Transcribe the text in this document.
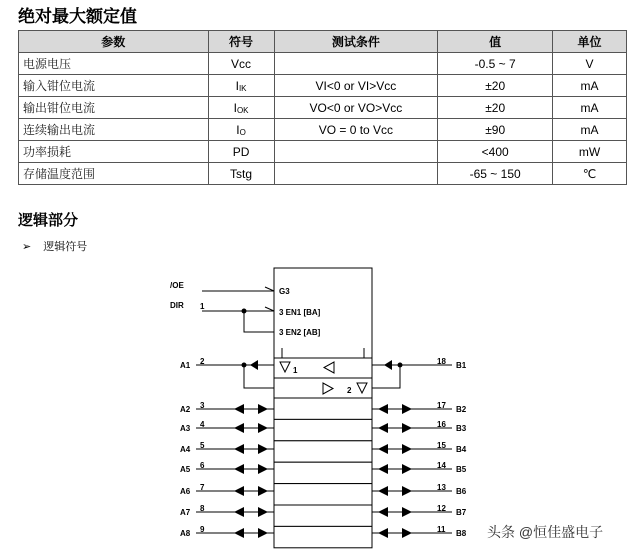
绝对最大额定值
参数	符号	测试条件	值	单位
电源电压	Vcc		-0.5 ~ 7	V
输入钳位电流	$I_{IK}$	VI<0 or VI>Vcc	±20	mA
输出钳位电流	$I_{OK}$	VO<0 or VO>Vcc	±20	mA
连续输出电流	$I_O$	VO = 0 to Vcc	±90	mA
功率损耗	PD		<400	mW
存储温度范围	Tstg		-65 ~ 150	℃
逻辑部分
➢ 逻辑符号
/OE
DIR 1
G3
3 EN1 [BA]
3 EN2 [AB]
A1 2	B1
18
A2 3	B2
17
A3 4	B3
16
A4 5	B4
15
A5 6	B5
14
A6 7	B6
13
A7 8	B7
12
A8 9	B8
11
1
2
头条 @恒佳盛电子
